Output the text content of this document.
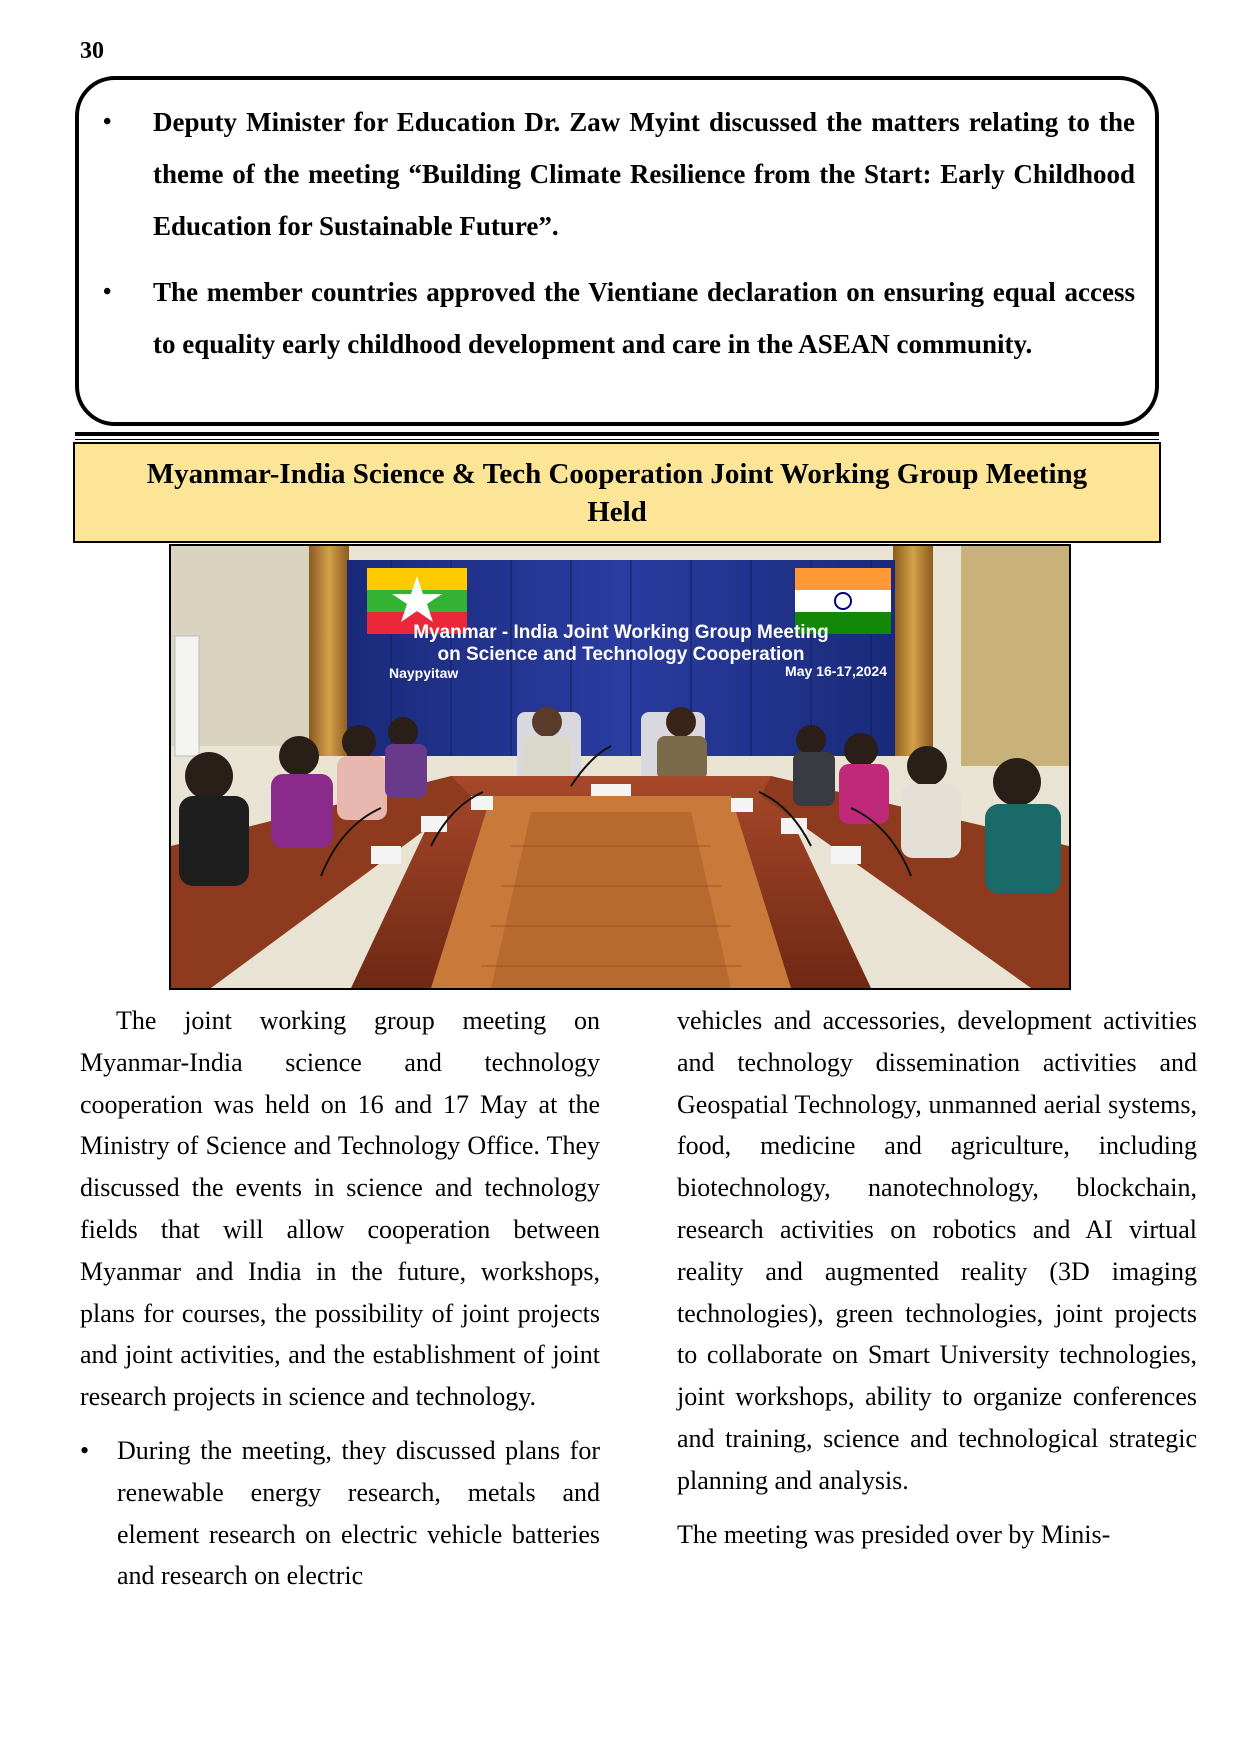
30
• Deputy Minister for Education Dr. Zaw Myint discussed the matters relating to the theme of the meeting “Building Climate Resilience from the Start: Early Childhood Education for Sustainable Future”.
• The member countries approved the Vientiane declaration on ensuring equal access to equality early childhood development and care in the ASEAN community.
Myanmar-India Science & Tech Cooperation Joint Working Group Meeting Held
Myanmar - India Joint Working Group Meeting
on Science and Technology Cooperation
Naypyitaw	May 16-17,2024

The joint working group meeting on Myanmar-India science and technology cooperation was held on 16 and 17 May at the Ministry of Science and Technology Office. They discussed the events in science and technology fields that will allow cooperation between Myanmar and India in the future, workshops, plans for courses, the possibility of joint projects and joint activities, and the establishment of joint research projects in science and technology.

• During the meeting, they discussed plans for renewable energy research, metals and element research on electric vehicle batteries and research on electric

vehicles and accessories, development activities and technology dissemination activities and Geospatial Technology, unmanned aerial systems, food, medicine and agriculture, including biotechnology, nanotechnology, blockchain, research activities on robotics and AI virtual reality and augmented reality (3D imaging technologies), green technologies, joint projects to collaborate on Smart University technologies, joint workshops, ability to organize conferences and training, science and technological strategic planning and analysis.

The meeting was presided over by Minis-
